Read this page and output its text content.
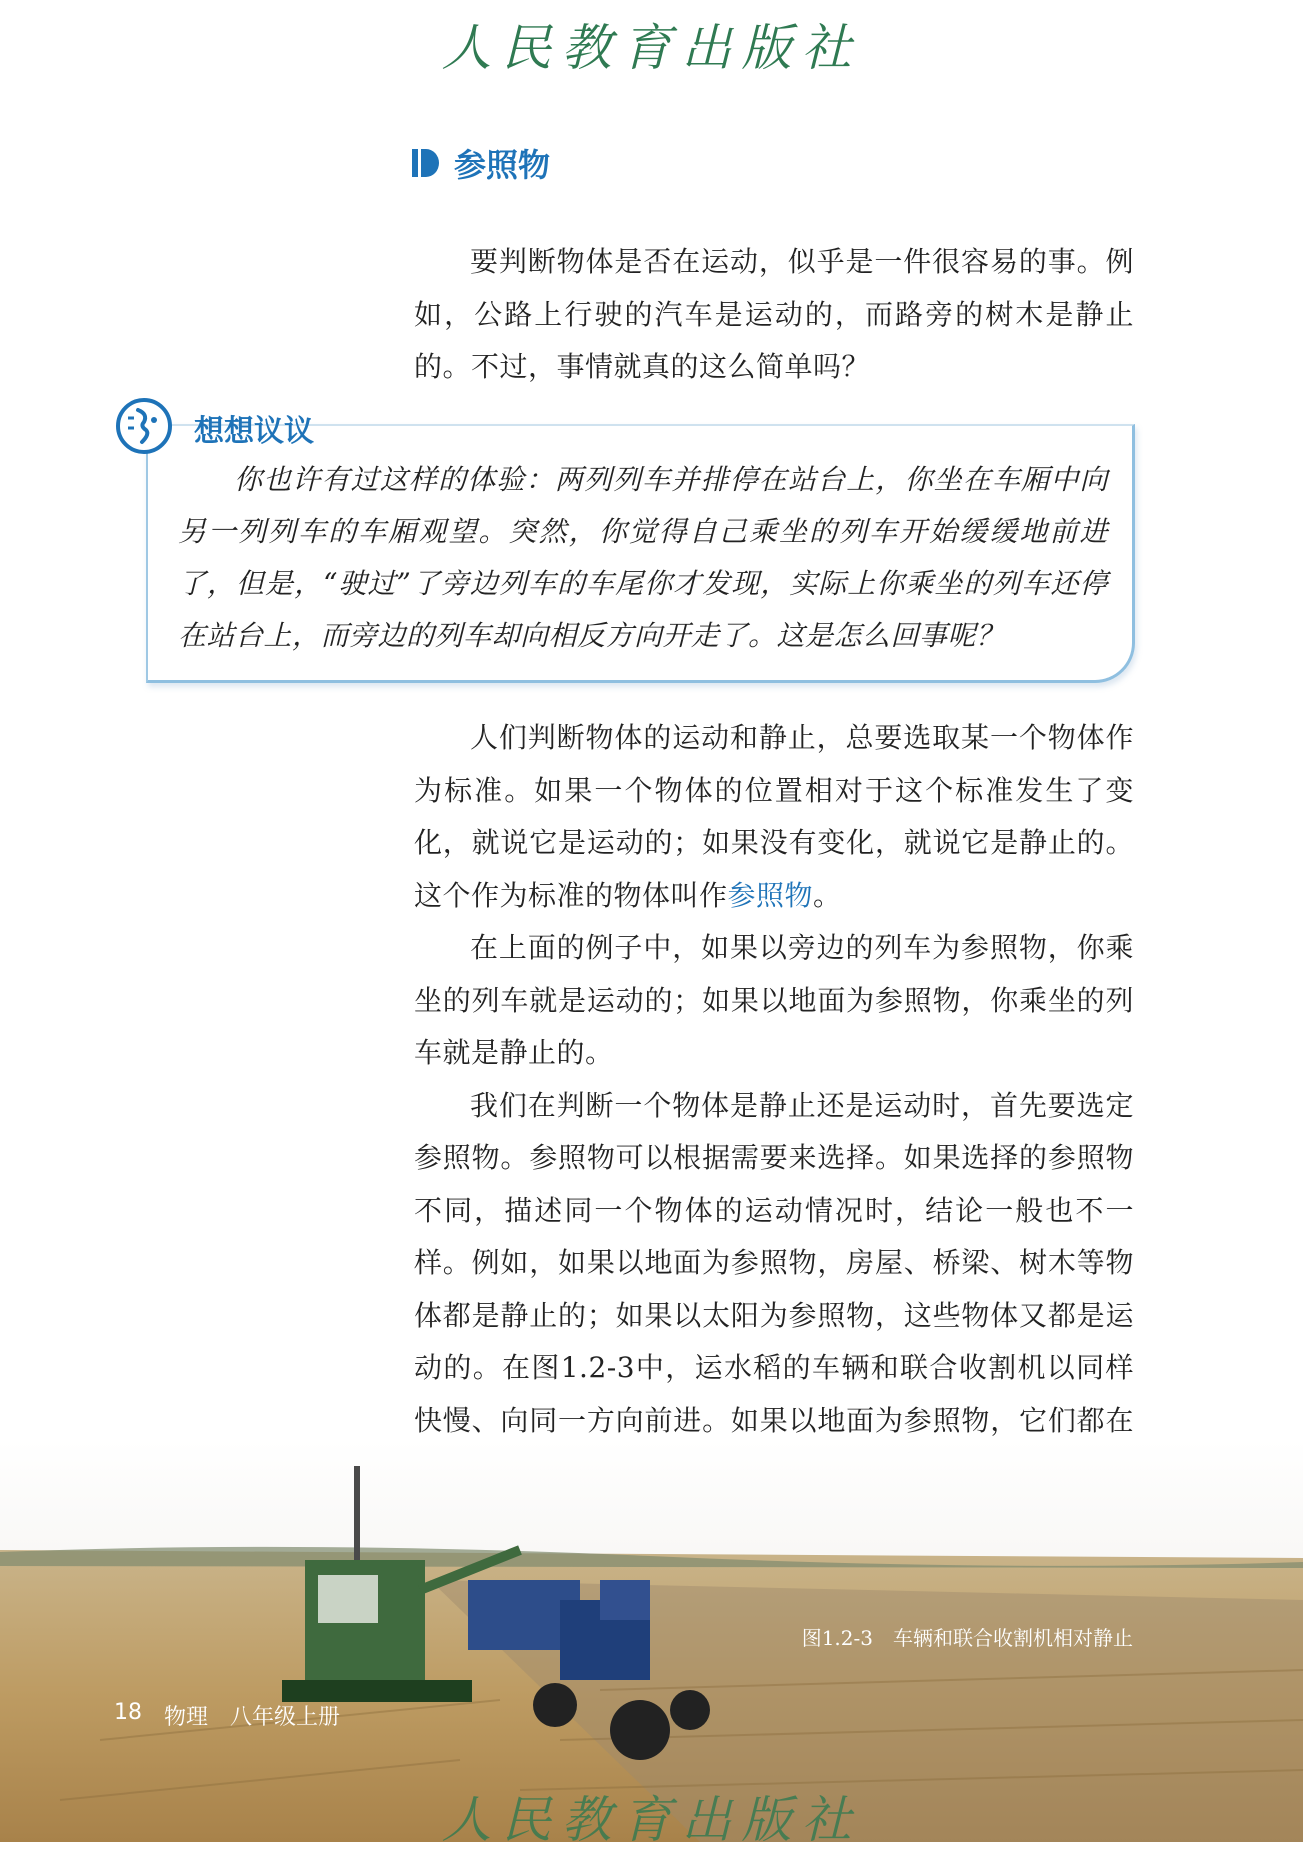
人民教育出版社
参照物

要判断物体是否在运动，似乎是一件很容易的事。例如，公路上行驶的汽车是运动的，而路旁的树木是静止的。不过，事情就真的这么简单吗？

想想议议

你也许有过这样的体验：两列列车并排停在站台上，你坐在车厢中向另一列列车的车厢观望。突然，你觉得自己乘坐的列车开始缓缓地前进了，但是，“驶过”了旁边列车的车尾你才发现，实际上你乘坐的列车还停在站台上，而旁边的列车却向相反方向开走了。这是怎么回事呢？

人们判断物体的运动和静止，总要选取某一个物体作为标准。如果一个物体的位置相对于这个标准发生了变化，就说它是运动的；如果没有变化，就说它是静止的。这个作为标准的物体叫作参照物。

在上面的例子中，如果以旁边的列车为参照物，你乘坐的列车就是运动的；如果以地面为参照物，你乘坐的列车就是静止的。

我们在判断一个物体是静止还是运动时，首先要选定参照物。参照物可以根据需要来选择。如果选择的参照物不同，描述同一个物体的运动情况时，结论一般也不一样。例如，如果以地面为参照物，房屋、桥梁、树木等物体都是静止的；如果以太阳为参照物，这些物体又都是运动的。在图1.2-3中，运水稻的车辆和联合收割机以同样快慢、向同一方向前进。如果以地面为参照物，它们都在

图1.2-3　车辆和联合收割机相对静止
18 物理 八年级上册
人民教育出版社
